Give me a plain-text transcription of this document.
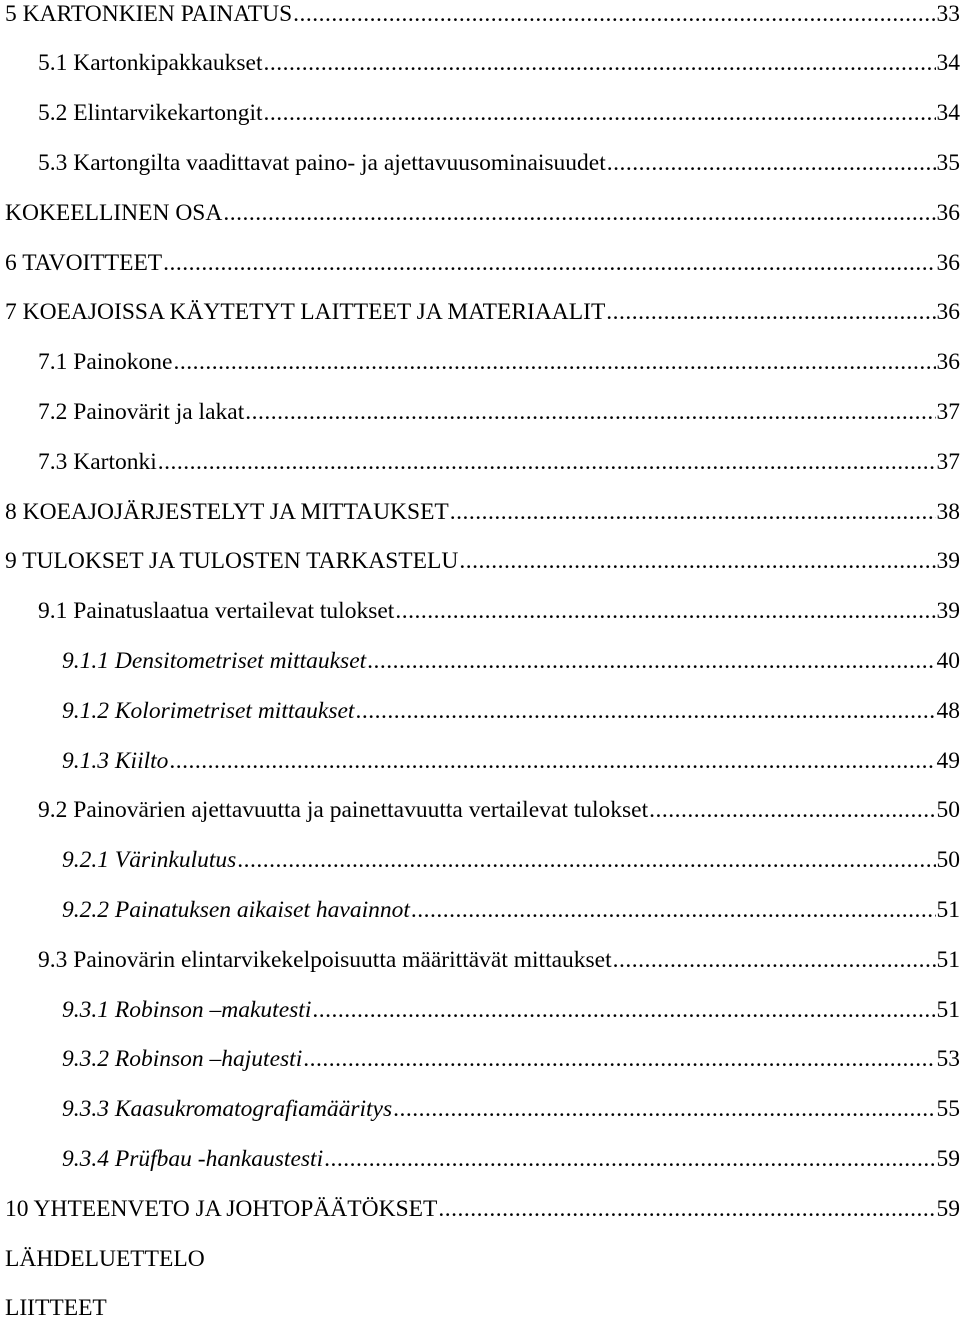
5 KARTONKIEN PAINATUS .....	33
5.1 Kartonkipakkaukset .....	34
5.2 Elintarvikekartongit .....	34
5.3 Kartongilta vaadittavat paino- ja ajettavuusominaisuudet .....	35
KOKEELLINEN OSA .....	36
6 TAVOITTEET .....	36
7 KOEAJOISSA KÄYTETYT LAITTEET JA MATERIAALIT .....	36
7.1 Painokone .....	36
7.2 Painovärit ja lakat .....	37
7.3 Kartonki .....	37
8 KOEAJOJÄRJESTELYT JA MITTAUKSET .....	38
9 TULOKSET JA TULOSTEN TARKASTELU .....	39
9.1 Painatuslaatua vertailevat tulokset .....	39
9.1.1 Densitometriset mittaukset .....	40
9.1.2 Kolorimetriset mittaukset .....	48
9.1.3 Kiilto .....	49
9.2 Painovärien ajettavuutta ja painettavuutta vertailevat tulokset .....	50
9.2.1 Värinkulutus .....	50
9.2.2 Painatuksen aikaiset havainnot .....	51
9.3 Painovärin elintarvikekelpoisuutta määrittävät mittaukset .....	51
9.3.1 Robinson –makutesti .....	51
9.3.2 Robinson –hajutesti .....	53
9.3.3 Kaasukromatografiamääritys .....	55
9.3.4 Prüfbau -hankaustesti .....	59
10 YHTEENVETO JA JOHTOPÄÄTÖKSET .....	59
LÄHDELUETTELO
LIITTEET
